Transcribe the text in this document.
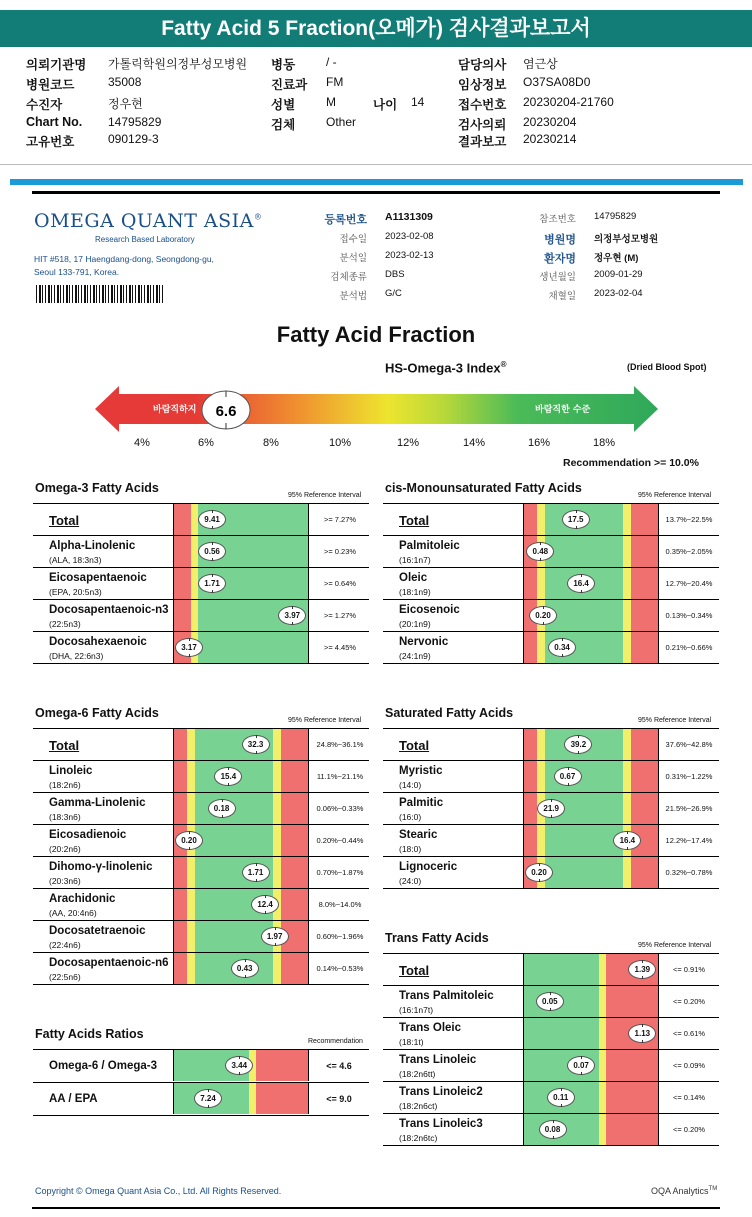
Fatty Acid 5 Fraction(오메가) 검사결과보고서
의뢰기관명 가톨릭학원의정부성모병원
병원코드	35008
수진자	정우현
Chart No. 14795829
고유번호	090129-3
병동	/ -
진료과 FM
성별	M
검체	Other
담당의사 염근상
임상정보 O37SA08D0
접수번호 20230204-21760
검사의뢰 20230204
결과보고 20230214
나이 14
OMEGA QUANT ASIA®
Research Based Laboratory
HIT #518, 17 Haengdang-dong, Seongdong-gu,
Seoul 133-791, Korea.
등록번호 A1131309
접수일 2023-02-08
분석일 2023-02-13
검체종류 DBS
분석법 G/C
참조번호 14795829
병원명 의정부성모병원
환자명 정우현 (M)
생년월일 2009-01-29
채혈일 2023-02-04
Fatty Acid Fraction
HS-Omega-3 Index®	(Dried Blood Spot)
바람직하지	바람직한 수준
6.6
4%	6%	8%	10%	12%	14%	16%	18%
Recommendation >= 10.0%
Omega-3 Fatty Acids
95% Reference Interval
Total	9.41	>= 7.27%
Alpha-Linolenic
(ALA, 18:3n3)
0.56	>= 0.23%
Eicosapentaenoic
(EPA, 20:5n3)
1.71	>= 0.64%
Docosapentaenoic-n3
(22:5n3)
3.97	>= 1.27%
Docosahexaenoic
(DHA, 22:6n3)
3.17	>= 4.45%
cis-Monounsaturated Fatty Acids
95% Reference Interval
Total	17.5	13.7%~22.5%
Palmitoleic
(16:1n7)
0.48	0.35%~2.05%
Oleic
(18:1n9)
16.4	12.7%~20.4%
Eicosenoic
(20:1n9)
0.20	0.13%~0.34%
Nervonic
(24:1n9)
0.34	0.21%~0.66%
Omega-6 Fatty Acids
95% Reference Interval
Total	32.3	24.8%~36.1%
Linoleic
(18:2n6)
15.4	11.1%~21.1%
Gamma-Linolenic
(18:3n6)
0.18	0.06%~0.33%
Eicosadienoic
(20:2n6)
0.20	0.20%~0.44%
Dihomo-γ-linolenic
(20:3n6)
1.71	0.70%~1.87%
Arachidonic
(AA, 20:4n6)
12.4	8.0%~14.0%
Docosatetraenoic
(22:4n6)
1.97	0.60%~1.96%
Docosapentaenoic-n6
(22:5n6)
0.43	0.14%~0.53%
Saturated Fatty Acids
95% Reference Interval
Total	39.2	37.6%~42.8%
Myristic
(14:0)
0.67	0.31%~1.22%
Palmitic
(16:0)
21.9	21.5%~26.9%
Stearic
(18:0)
16.4	12.2%~17.4%
Lignoceric
(24:0)
0.20	0.32%~0.78%
Trans Fatty Acids
95% Reference Interval
Total	1.39	<= 0.91%
Trans Palmitoleic
(16:1n7t)
0.05	<= 0.20%
Trans Oleic
(18:1t)
1.13	<= 0.61%
Trans Linoleic
(18:2n6tt)
0.07	<= 0.09%
Trans Linoleic2
(18:2n6ct)
0.11	<= 0.14%
Trans Linoleic3
(18:2n6tc)
0.08	<= 0.20%
Fatty Acids Ratios
Recommendation
Omega-6 / Omega-3	3.44	<= 4.6
AA / EPA	7.24	<= 9.0
Copyright © Omega Quant Asia Co., Ltd. All Rights Reserved.	OQA Analytics™
